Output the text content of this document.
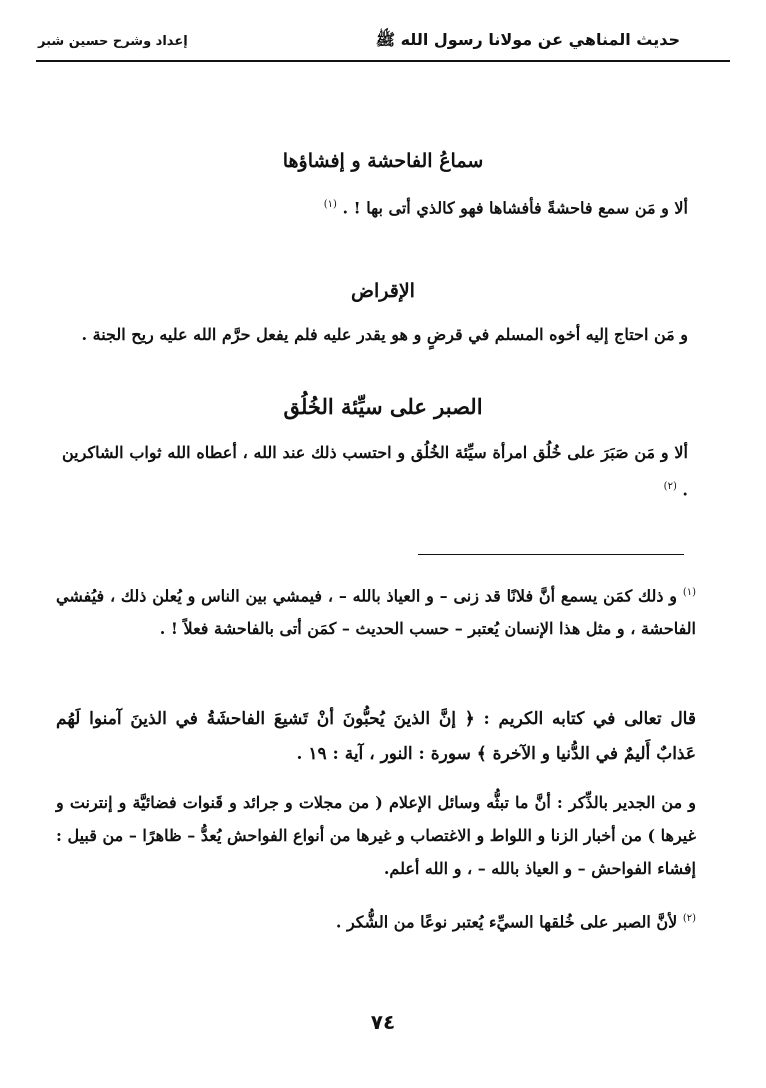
حديث المناهي عن مولانا رسول الله ﷺ
إعداد وشرح حسين شبر
سماعُ الفاحشة و إفشاؤها
ألا و مَن سمع فاحشةً فأفشاها فهو كالذي أتى بها ! . $^{(١)}$
الإقراض
و مَن احتاج إليه أخوه المسلم في قرضٍ و هو يقدر عليه فلم يفعل حرَّم الله عليه ريح الجنة .
الصبر على سيِّئة الخُلُق
ألا و مَن صَبَرَ على خُلُق امرأة سيِّئة الخُلُق و احتسب ذلك عند الله ، أعطاه الله ثواب الشاكرين . $^{(٢)}$
$^{(١)}$ و ذلك كمَن يسمع أنَّ فلانًا قد زنى – و العياذ بالله – ، فيمشي بين الناس و يُعلن ذلك ، فيُفشي الفاحشة ، و مثل هذا الإنسان يُعتبر – حسب الحديث – كمَن أتى بالفاحشة فعلاً ! .
قال تعالى في كتابه الكريم : ﴿ إنَّ الذينَ يُحبُّونَ أنْ تَشيعَ الفاحشَةُ في الذينَ آمنوا لَهُم عَذابٌ أَليمٌ في الدُّنيا و الآخرة ﴾ سورة : النور ، آية : ١٩ .
و من الجدير بالذِّكر : أنَّ ما تبثُّه وسائل الإعلام ( من مجلات و جرائد و قَنوات فضائيَّة و إنترنت و غيرها ) من أخبار الزنا و اللواط و الاغتصاب و غيرها من أنواع الفواحش يُعدُّ – ظاهرًا – من قبيل : إفشاء الفواحش – و العياذ بالله – ، و الله أعلم.
$^{(٢)}$ لأنَّ الصبر على خُلقها السيِّء يُعتبر نوعًا من الشُّكر .
٧٤
